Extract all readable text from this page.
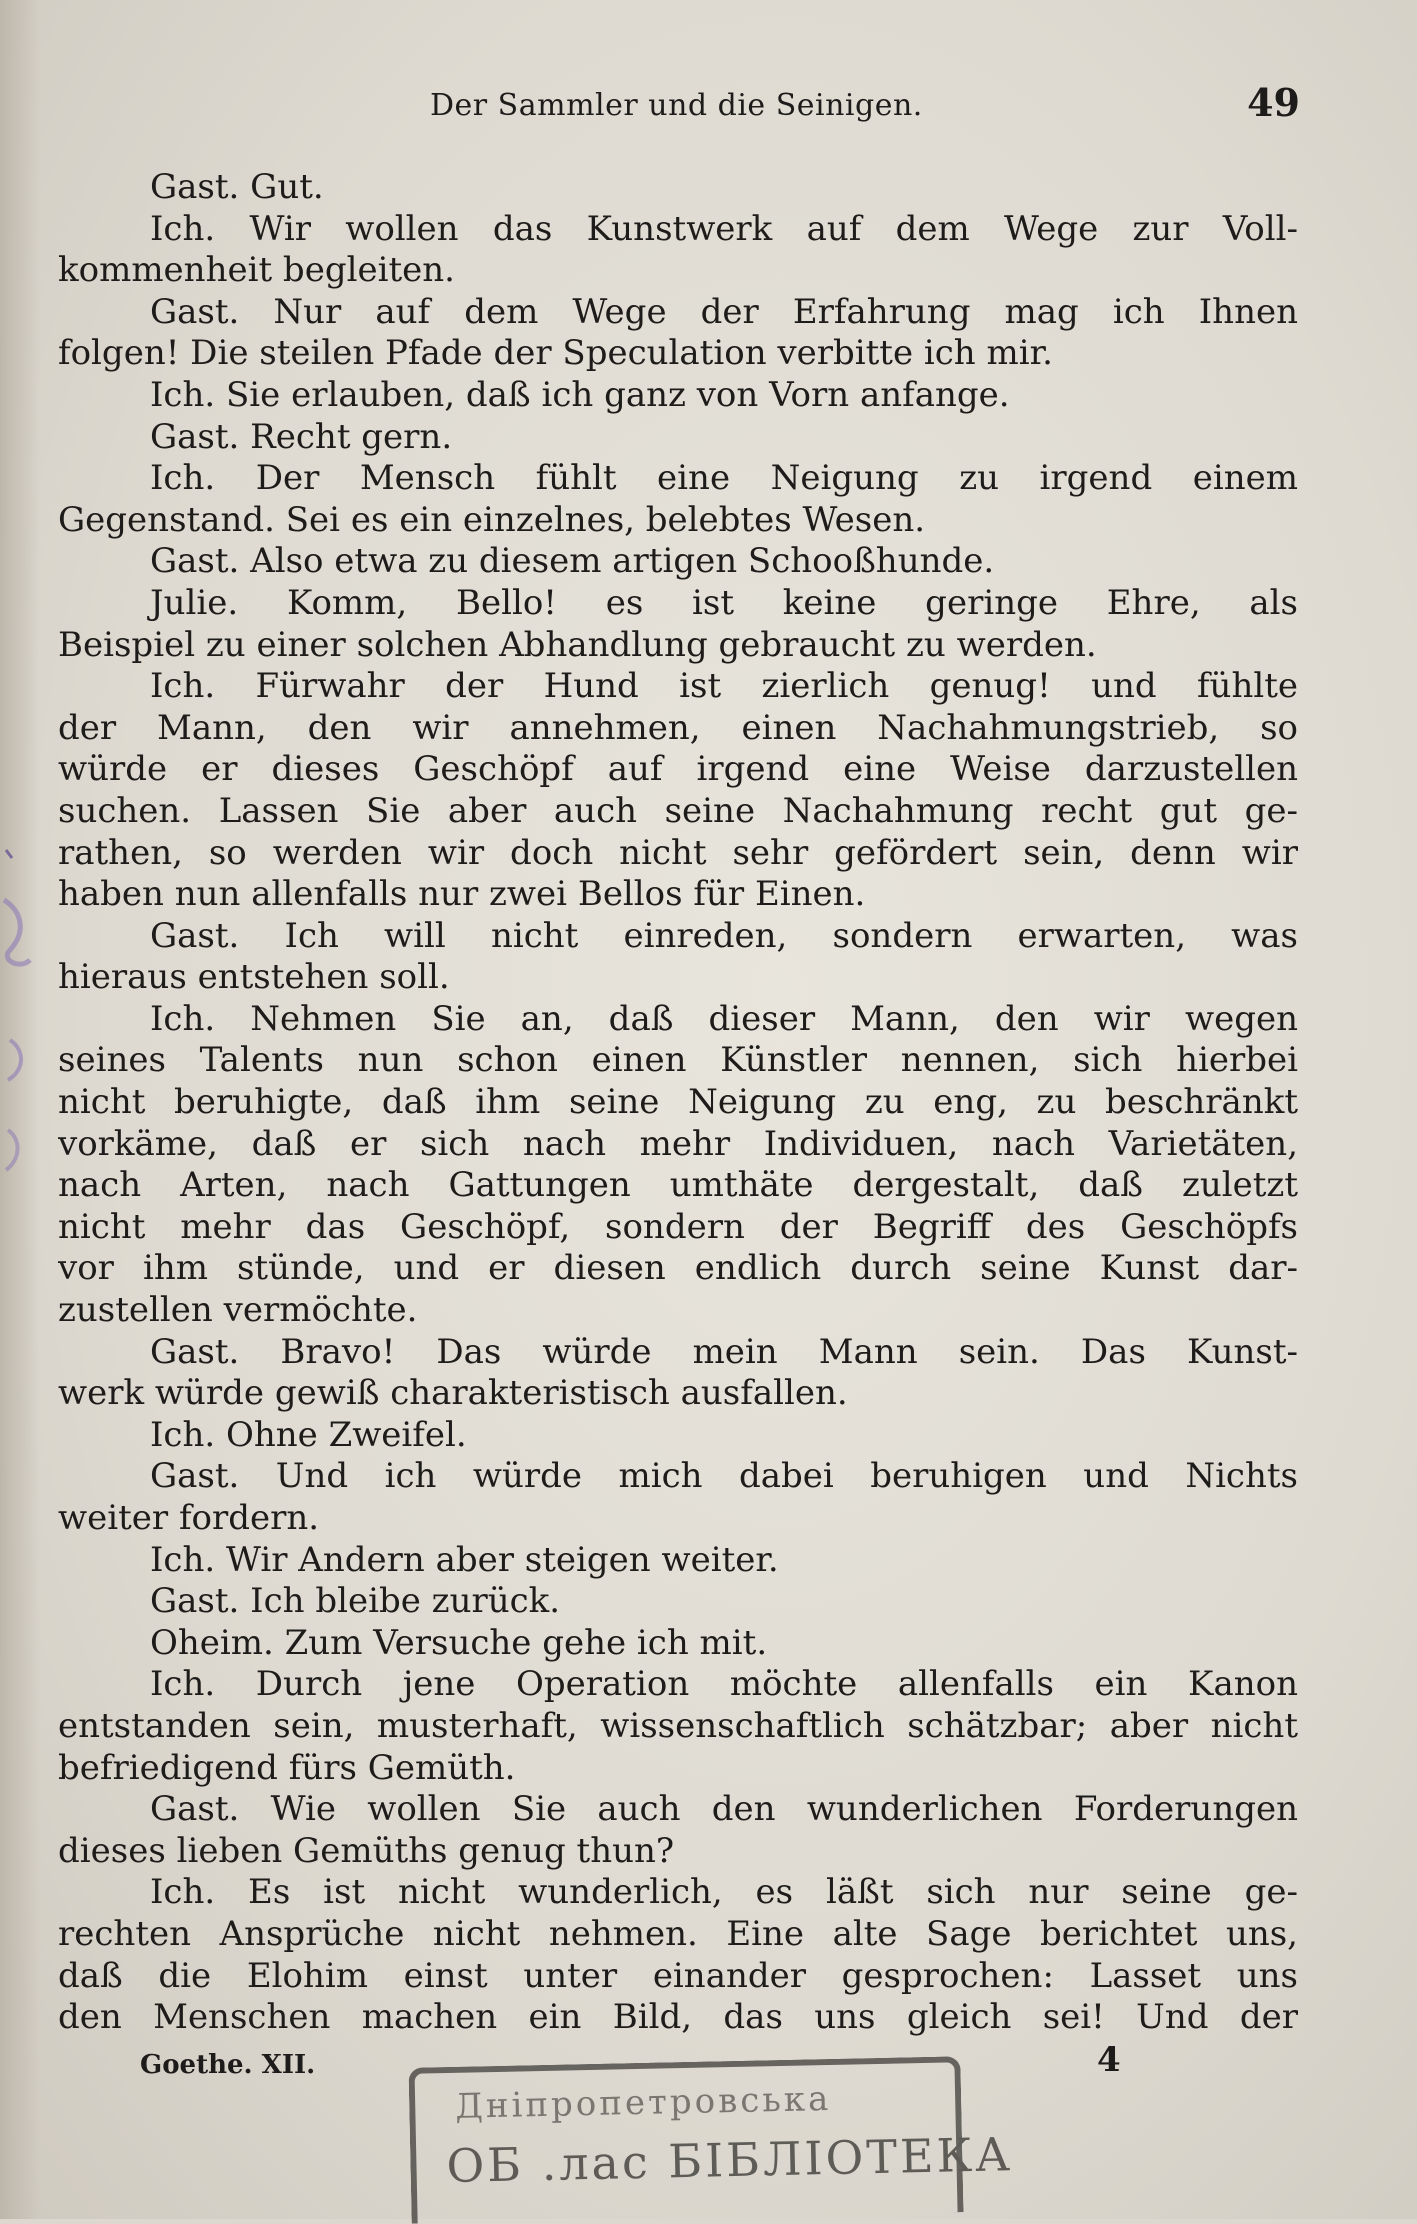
Der Sammler und die Seinigen.	49
Gast. Gut.
Ich. Wir wollen das Kunstwerk auf dem Wege zur Voll-
kommenheit begleiten.
Gast. Nur auf dem Wege der Erfahrung mag ich Ihnen
folgen! Die steilen Pfade der Speculation verbitte ich mir.
Ich. Sie erlauben, daß ich ganz von Vorn anfange.
Gast. Recht gern.
Ich. Der Mensch fühlt eine Neigung zu irgend einem
Gegenstand. Sei es ein einzelnes, belebtes Wesen.
Gast. Also etwa zu diesem artigen Schooßhunde.
Julie. Komm, Bello! es ist keine geringe Ehre, als
Beispiel zu einer solchen Abhandlung gebraucht zu werden.
Ich. Fürwahr der Hund ist zierlich genug! und fühlte
der Mann, den wir annehmen, einen Nachahmungstrieb, so
würde er dieses Geschöpf auf irgend eine Weise darzustellen
suchen. Lassen Sie aber auch seine Nachahmung recht gut ge-
rathen, so werden wir doch nicht sehr gefördert sein, denn wir
haben nun allenfalls nur zwei Bellos für Einen.
Gast. Ich will nicht einreden, sondern erwarten, was
hieraus entstehen soll.
Ich. Nehmen Sie an, daß dieser Mann, den wir wegen
seines Talents nun schon einen Künstler nennen, sich hierbei
nicht beruhigte, daß ihm seine Neigung zu eng, zu beschränkt
vorkäme, daß er sich nach mehr Individuen, nach Varietäten,
nach Arten, nach Gattungen umthäte dergestalt, daß zuletzt
nicht mehr das Geschöpf, sondern der Begriff des Geschöpfs
vor ihm stünde, und er diesen endlich durch seine Kunst dar-
zustellen vermöchte.
Gast. Bravo! Das würde mein Mann sein. Das Kunst-
werk würde gewiß charakteristisch ausfallen.
Ich. Ohne Zweifel.
Gast. Und ich würde mich dabei beruhigen und Nichts
weiter fordern.
Ich. Wir Andern aber steigen weiter.
Gast. Ich bleibe zurück.
Oheim. Zum Versuche gehe ich mit.
Ich. Durch jene Operation möchte allenfalls ein Kanon
entstanden sein, musterhaft, wissenschaftlich schätzbar; aber nicht
befriedigend fürs Gemüth.
Gast. Wie wollen Sie auch den wunderlichen Forderungen
dieses lieben Gemüths genug thun?
Ich. Es ist nicht wunderlich, es läßt sich nur seine ge-
rechten Ansprüche nicht nehmen. Eine alte Sage berichtet uns,
daß die Elohim einst unter einander gesprochen: Lasset uns
den Menschen machen ein Bild, das uns gleich sei! Und der
Goethe. XII.	4
Дніпропетровська
ОБ .лас БІБЛІОТЕКА
